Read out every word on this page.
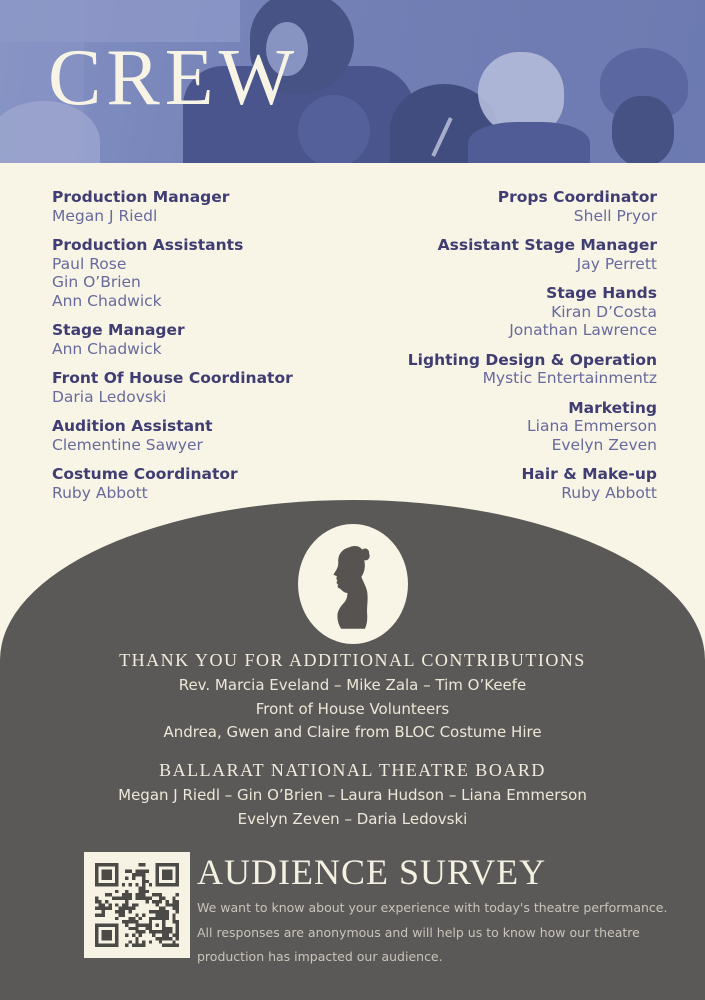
CREW
Production Manager
Megan J Riedl
Production Assistants
Paul Rose
Gin O’Brien
Ann Chadwick
Stage Manager
Ann Chadwick
Front Of House Coordinator
Daria Ledovski
Audition Assistant
Clementine Sawyer
Costume Coordinator
Ruby Abbott
Props Coordinator
Shell Pryor
Assistant Stage Manager
Jay Perrett
Stage Hands
Kiran D’Costa
Jonathan Lawrence
Lighting Design & Operation
Mystic Entertainmentz
Marketing
Liana Emmerson
Evelyn Zeven
Hair & Make-up
Ruby Abbott
THANK YOU FOR ADDITIONAL CONTRIBUTIONS
Rev. Marcia Eveland – Mike Zala – Tim O’Keefe
Front of House Volunteers
Andrea, Gwen and Claire from BLOC Costume Hire
BALLARAT NATIONAL THEATRE BOARD
Megan J Riedl – Gin O’Brien – Laura Hudson – Liana Emmerson
Evelyn Zeven – Daria Ledovski
AUDIENCE SURVEY
We want to know about your experience with today's theatre performance.
All responses are anonymous and will help us to know how our theatre
production has impacted our audience.
